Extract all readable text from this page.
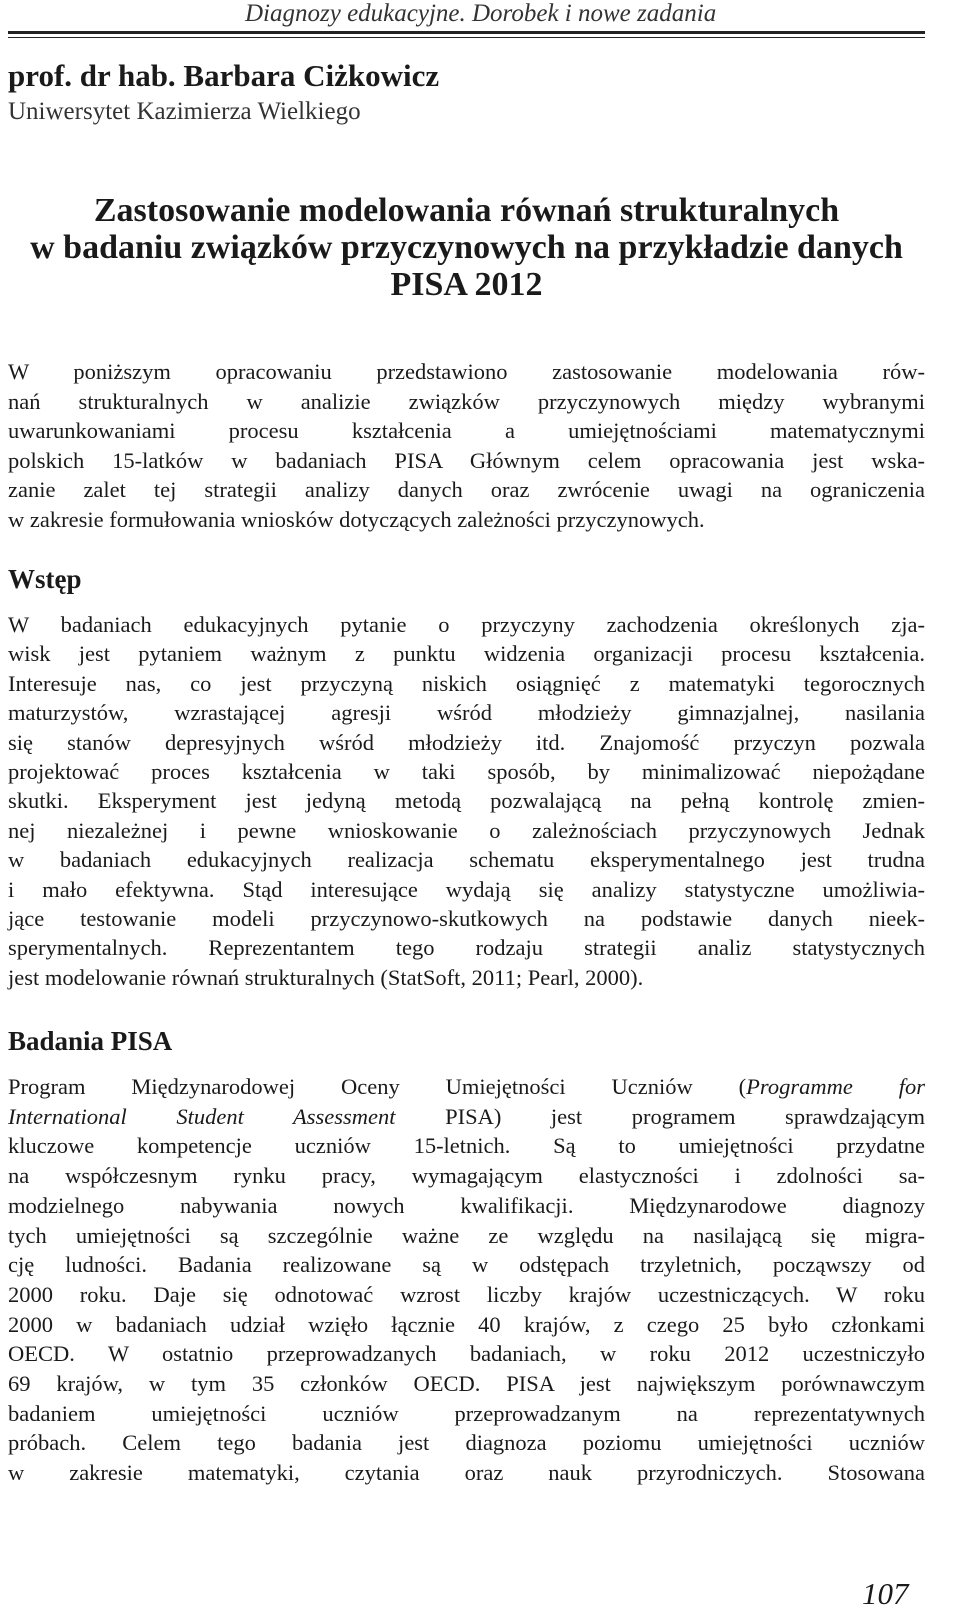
Diagnozy edukacyjne. Dorobek i nowe zadania
prof. dr hab. Barbara Ciżkowicz
Uniwersytet Kazimierza Wielkiego
Zastosowanie modelowania równań strukturalnych
w badaniu związków przyczynowych na przykładzie danych
PISA 2012
W poniższym opracowaniu przedstawiono zastosowanie modelowania rów-
nań strukturalnych w analizie związków przyczynowych między wybranymi
uwarunkowaniami procesu kształcenia a umiejętnościami matematycznymi
polskich 15-latków w badaniach PISA Głównym celem opracowania jest wska-
zanie zalet tej strategii analizy danych oraz zwrócenie uwagi na ograniczenia
w zakresie formułowania wniosków dotyczących zależności przyczynowych.
Wstęp
W badaniach edukacyjnych pytanie o przyczyny zachodzenia określonych zja-
wisk jest pytaniem ważnym z punktu widzenia organizacji procesu kształcenia.
Interesuje nas, co jest przyczyną niskich osiągnięć z matematyki tegorocznych
maturzystów, wzrastającej agresji wśród młodzieży gimnazjalnej, nasilania
się stanów depresyjnych wśród młodzieży itd. Znajomość przyczyn pozwala
projektować proces kształcenia w taki sposób, by minimalizować niepożądane
skutki. Eksperyment jest jedyną metodą pozwalającą na pełną kontrolę zmien-
nej niezależnej i pewne wnioskowanie o zależnościach przyczynowych Jednak
w badaniach edukacyjnych realizacja schematu eksperymentalnego jest trudna
i mało efektywna. Stąd interesujące wydają się analizy statystyczne umożliwia-
jące testowanie modeli przyczynowo-skutkowych na podstawie danych nieek-
sperymentalnych. Reprezentantem tego rodzaju strategii analiz statystycznych
jest modelowanie równań strukturalnych (StatSoft, 2011; Pearl, 2000).
Badania PISA
Program Międzynarodowej Oceny Umiejętności Uczniów (Programme for
International Student Assessment PISA) jest programem sprawdzającym
kluczowe kompetencje uczniów 15-letnich. Są to umiejętności przydatne
na współczesnym rynku pracy, wymagającym elastyczności i zdolności sa-
modzielnego nabywania nowych kwalifikacji. Międzynarodowe diagnozy
tych umiejętności są szczególnie ważne ze względu na nasilającą się migra-
cję ludności. Badania realizowane są w odstępach trzyletnich, począwszy od
2000 roku. Daje się odnotować wzrost liczby krajów uczestniczących. W roku
2000 w badaniach udział wzięło łącznie 40 krajów, z czego 25 było członkami
OECD. W ostatnio przeprowadzanych badaniach, w roku 2012 uczestniczyło
69 krajów, w tym 35 członków OECD. PISA jest największym porównawczym
badaniem umiejętności uczniów przeprowadzanym na reprezentatywnych
próbach. Celem tego badania jest diagnoza poziomu umiejętności uczniów
w zakresie matematyki, czytania oraz nauk przyrodniczych. Stosowana
107
